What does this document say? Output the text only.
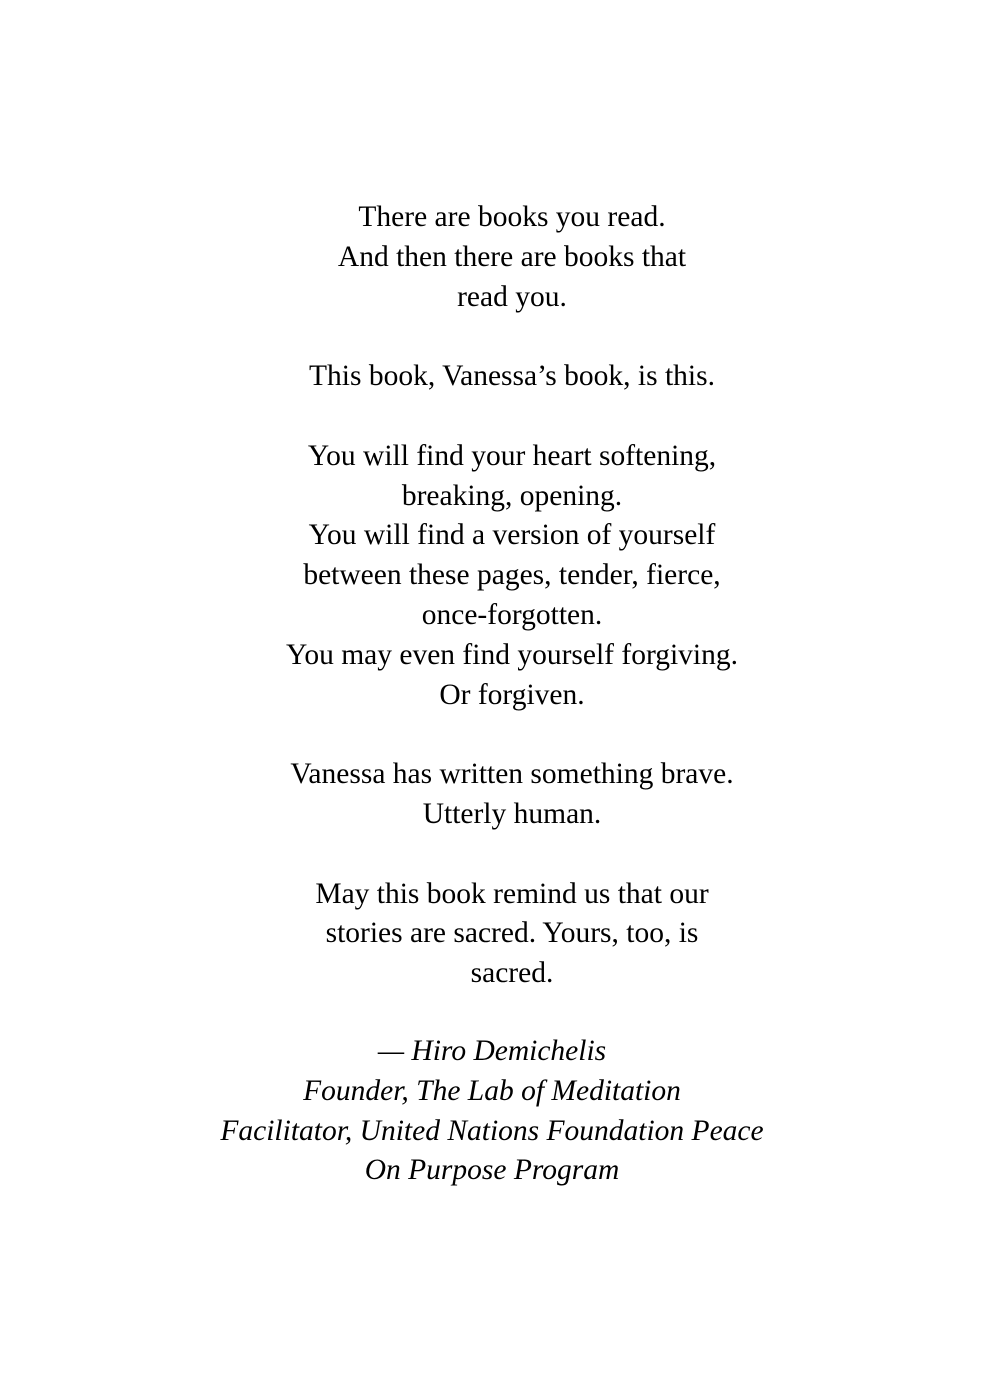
There are books you read.
And then there are books that
read you.
This book, Vanessa’s book, is this.
You will find your heart softening,
breaking, opening.
You will find a version of yourself
between these pages, tender, fierce,
once-forgotten.
You may even find yourself forgiving.
Or forgiven.
Vanessa has written something brave.
Utterly human.
May this book remind us that our
stories are sacred. Yours, too, is
sacred.
— Hiro Demichelis
Founder, The Lab of Meditation
Facilitator, United Nations Foundation Peace
On Purpose Program
